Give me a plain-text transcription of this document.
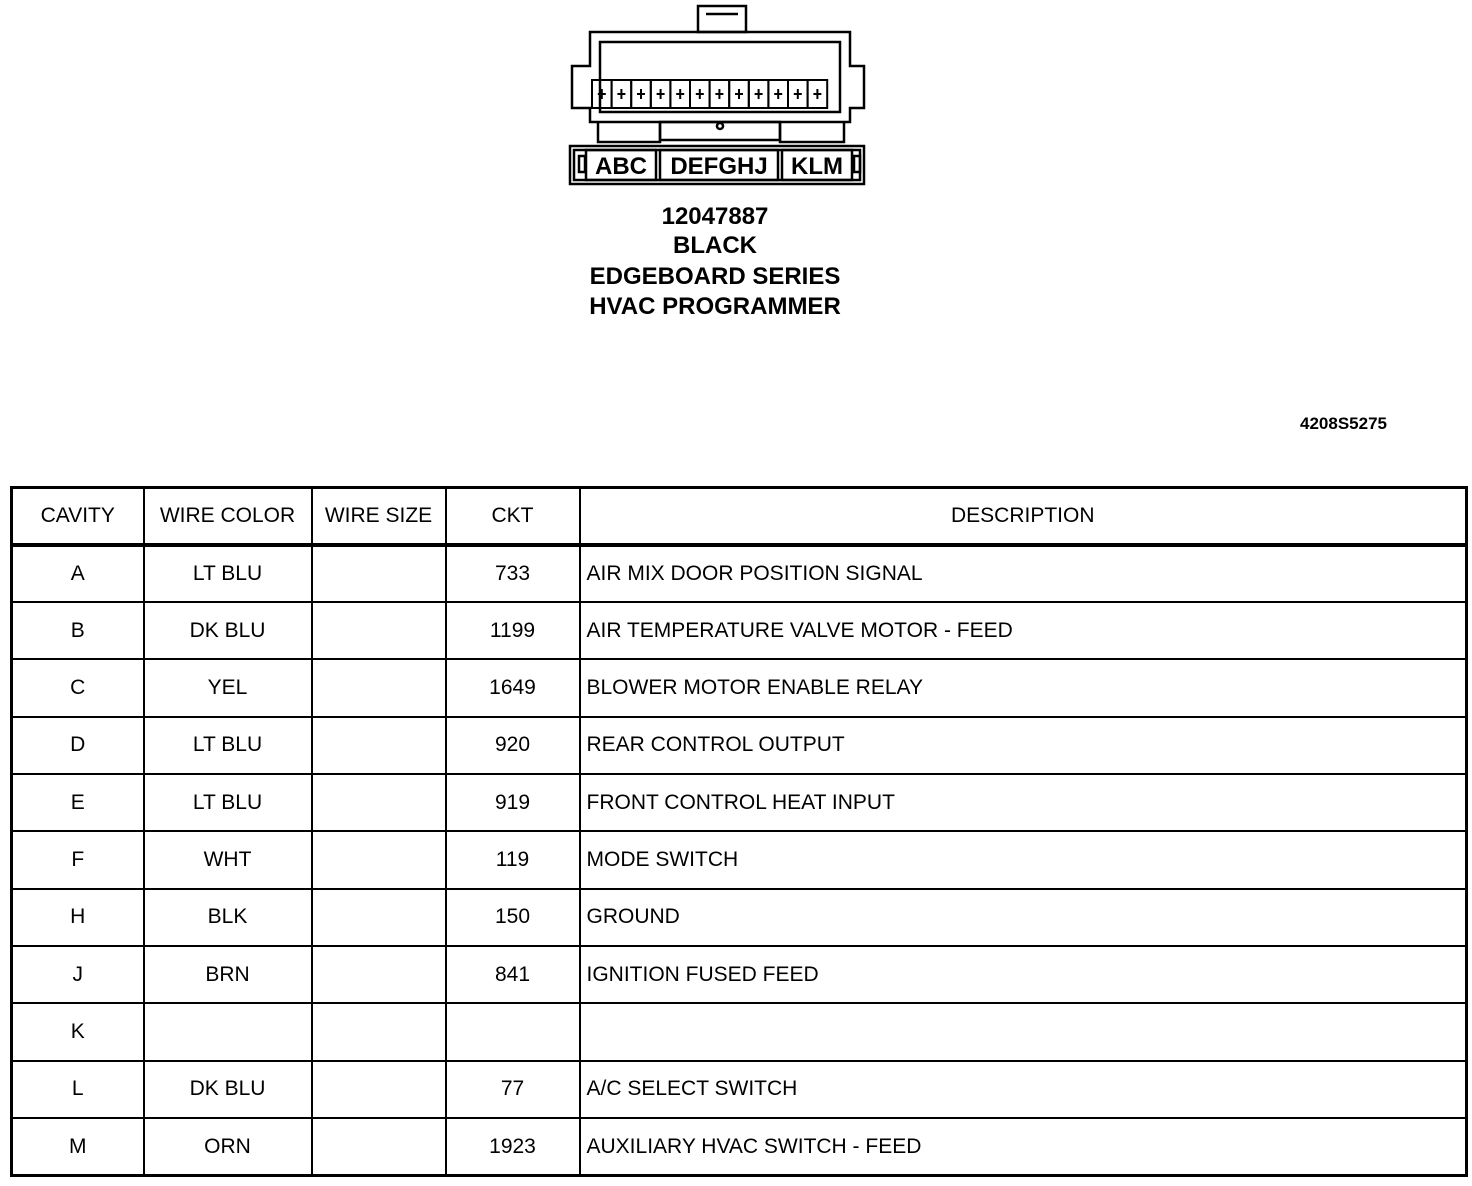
ABC DEFGHJ KLM
12047887
BLACK
EDGEBOARD SERIES
HVAC PROGRAMMER
4208S5275
CAVITY	WIRE COLOR	WIRE SIZE	CKT	DESCRIPTION
A	LT BLU		733	AIR MIX DOOR POSITION SIGNAL
B	DK BLU		1199	AIR TEMPERATURE VALVE MOTOR - FEED
C	YEL		1649	BLOWER MOTOR ENABLE RELAY
D	LT BLU		920	REAR CONTROL OUTPUT
E	LT BLU		919	FRONT CONTROL HEAT INPUT
F	WHT		119	MODE SWITCH
H	BLK		150	GROUND
J	BRN		841	IGNITION FUSED FEED
K				
L	DK BLU		77	A/C SELECT SWITCH
M	ORN		1923	AUXILIARY HVAC SWITCH - FEED
